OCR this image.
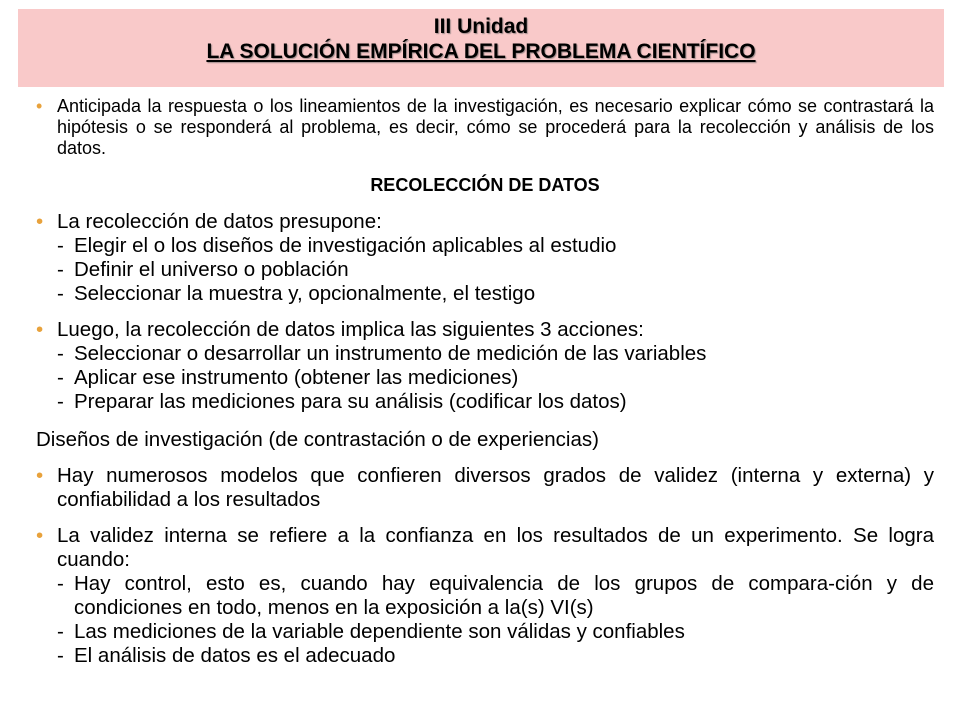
III Unidad
LA SOLUCIÓN EMPÍRICA DEL PROBLEMA CIENTÍFICO
• Anticipada la respuesta o los lineamientos de la investigación, es necesario explicar cómo se contrastará la hipótesis o se responderá al problema, es decir, cómo se procederá para la recolección y análisis de los datos.
RECOLECCIÓN DE DATOS
• La recolección de datos presupone:
- Elegir el o los diseños de investigación aplicables al estudio
- Definir el universo o población
- Seleccionar la muestra y, opcionalmente, el testigo
• Luego, la recolección de datos implica las siguientes 3 acciones:
- Seleccionar o desarrollar un instrumento de medición de las variables
- Aplicar ese instrumento (obtener las mediciones)
- Preparar las mediciones para su análisis (codificar los datos)
Diseños de investigación (de contrastación o de experiencias)
• Hay numerosos modelos que confieren diversos grados de validez (interna y externa) y confiabilidad a los resultados
• La validez interna se refiere a la confianza en los resultados de un experimento. Se logra cuando:
- Hay control, esto es, cuando hay equivalencia de los grupos de compara-ción y de condiciones en todo, menos en la exposición a la(s) VI(s)
- Las mediciones de la variable dependiente son válidas y confiables
- El análisis de datos es el adecuado
